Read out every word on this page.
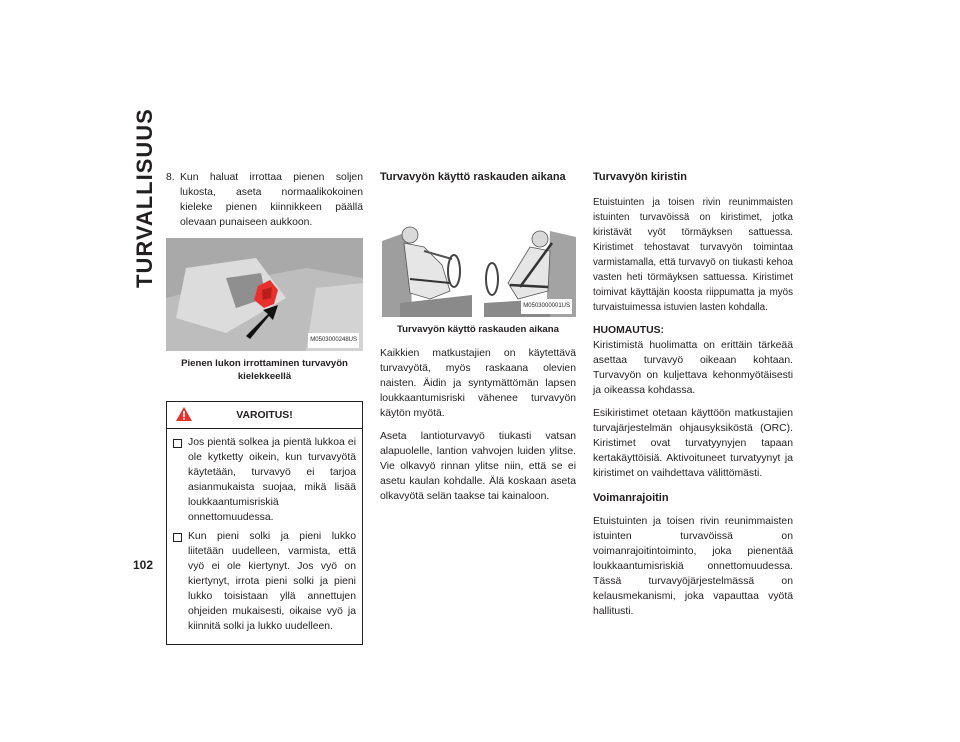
TURVALLISUUS
102
8. Kun haluat irrottaa pienen soljen lukosta, aseta normaalikokoinen kieleke pienen kiinnikkeen päällä olevaan punaiseen aukkoon.
M0503000248US
Pienen lukon irrottaminen turvavyön kielekkeellä
VAROITUS!
Jos pientä solkea ja pientä lukkoa ei ole kytketty oikein, kun turvavyötä käytetään, turvavyö ei tarjoa asianmukaista suojaa, mikä lisää loukkaantumisriskiä onnettomuudessa.
Kun pieni solki ja pieni lukko liitetään uudelleen, varmista, että vyö ei ole kiertynyt. Jos vyö on kiertynyt, irrota pieni solki ja pieni lukko toisistaan yllä annettujen ohjeiden mukaisesti, oikaise vyö ja kiinnitä solki ja lukko uudelleen.
Turvavyön käyttö raskauden aikana
M0503000001US
Turvavyön käyttö raskauden aikana

Kaikkien matkustajien on käytettävä turvavyötä, myös raskaana olevien naisten. Äidin ja syntymättömän lapsen loukkaantumisriski vähenee turvavyön käytön myötä.

Aseta lantioturvavyö tiukasti vatsan alapuolelle, lantion vahvojen luiden ylitse. Vie olkavyö rinnan ylitse niin, että se ei asetu kaulan kohdalle. Älä koskaan aseta olkavyötä selän taakse tai kainaloon.

Turvavyön kiristin

Etuistuinten ja toisen rivin reunimmaisten istuinten turvavöissä on kiristimet, jotka kiristävät vyöt törmäyksen sattuessa. Kiristimet tehostavat turvavyön toimintaa varmistamalla, että turvavyö on tiukasti kehoa vasten heti törmäyksen sattuessa. Kiristimet toimivat käyttäjän koosta riippumatta ja myös turvaistuimessa istuvien lasten kohdalla.

HUOMAUTUS:

Kiristimistä huolimatta on erittäin tärkeää asettaa turvavyö oikeaan kohtaan. Turvavyön on kuljettava kehonmyötäisesti ja oikeassa kohdassa.

Esikiristimet otetaan käyttöön matkustajien turvajärjestelmän ohjausyksiköstä (ORC). Kiristimet ovat turvatyynyjen tapaan kertakäyttöisiä. Aktivoituneet turvatyynyt ja kiristimet on vaihdettava välittömästi.

Voimanrajoitin

Etuistuinten ja toisen rivin reunimmaisten istuinten turvavöissä on voimanrajoitintoiminto, joka pienentää loukkaantumisriskiä onnettomuudessa. Tässä turvavyöjärjestelmässä on kelausmekanismi, joka vapauttaa vyötä hallitusti.
